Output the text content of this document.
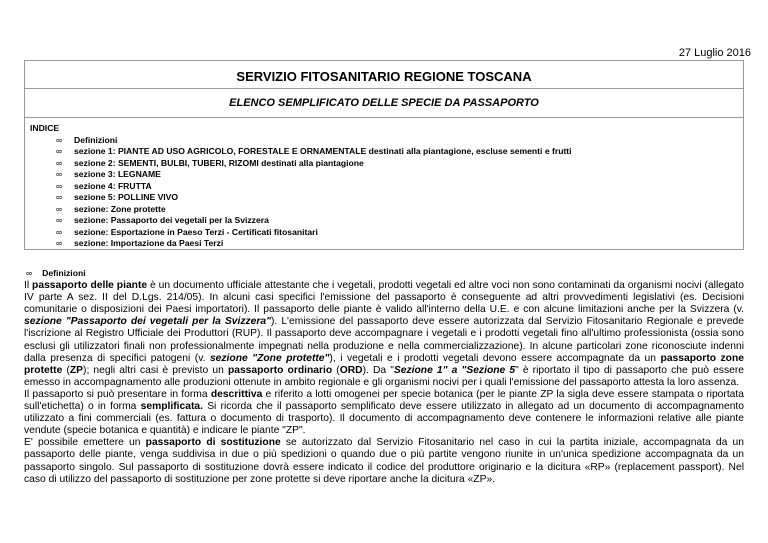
27 Luglio 2016
SERVIZIO FITOSANITARIO REGIONE TOSCANA
ELENCO SEMPLIFICATO DELLE SPECIE DA PASSAPORTO
INDICE
∞ Definizioni
∞ sezione 1: PIANTE AD USO AGRICOLO, FORESTALE E ORNAMENTALE destinati alla piantagione, escluse sementi e frutti
∞ sezione 2: SEMENTI, BULBI, TUBERI, RIZOMI destinati alla piantagione
∞ sezione 3: LEGNAME
∞ sezione 4: FRUTTA
∞ sezione 5: POLLINE VIVO
∞ sezione: Zone protette
∞ sezione: Passaporto dei vegetali per la Svizzera
∞ sezione: Esportazione in Paeso Terzi - Certificati fitosanitari
∞ sezione: Importazione da Paesi Terzi
∞ Definizioni

Il passaporto delle piante è un documento ufficiale attestante che i vegetali, prodotti vegetali ed altre voci non sono contaminati da organismi nocivi (allegato IV parte A sez. II del D.Lgs. 214/05). In alcuni casi specifici l'emissione del passaporto è conseguente ad altri provvedimenti legislativi (es. Decisioni comunitarie o disposizioni dei Paesi importatori). Il passaporto delle piante è valido all'interno della U.E. e con alcune limitazioni anche per la Svizzera (v. sezione "Passaporto dei vegetali per la Svizzera"). L'emissione del passaporto deve essere autorizzata dal Servizio Fitosanitario Regionale e prevede l'iscrizione al Registro Ufficiale dei Produttori (RUP). Il passaporto deve accompagnare i vegetali e i prodotti vegetali fino all'ultimo professionista (ossia sono esclusi gli utilizzatori finali non professionalmente impegnati nella produzione e nella commercializzazione). In alcune particolari zone riconosciute indenni dalla presenza di specifici patogeni (v. sezione "Zone protette"), i vegetali e i prodotti vegetali devono essere accompagnate da un passaporto zone protette (ZP); negli altri casi è previsto un passaporto ordinario (ORD). Da "Sezione 1" a "Sezione 5" è riportato il tipo di passaporto che può essere emesso in accompagnamento alle produzioni ottenute in ambito regionale e gli organismi nocivi per i quali l'emissione del passaporto attesta la loro assenza.

Il passaporto si può presentare in forma descrittiva e riferito a lotti omogenei per specie botanica (per le piante ZP la sigla deve essere stampata o riportata sull'etichetta) o in forma semplificata. Si ricorda che il passaporto semplificato deve essere utilizzato in allegato ad un documento di accompagnamento utilizzato a fini commerciali (es. fattura o documento di trasporto). Il documento di accompagnamento deve contenere le informazioni relative alle piante vendute (specie botanica e quantità) e indicare le piante "ZP".

E' possibile emettere un passaporto di sostituzione se autorizzato dal Servizio Fitosanitario nel caso in cui la partita iniziale, accompagnata da un passaporto delle piante, venga suddivisa in due o più spedizioni o quando due o più partite vengono riunite in un'unica spedizione accompagnata da un passaporto singolo. Sul passaporto di sostituzione dovrà essere indicato il codice del produttore originario e la dicitura «RP» (replacement passport). Nel caso di utilizzo del passaporto di sostituzione per zone protette si deve riportare anche la dicitura «ZP».
